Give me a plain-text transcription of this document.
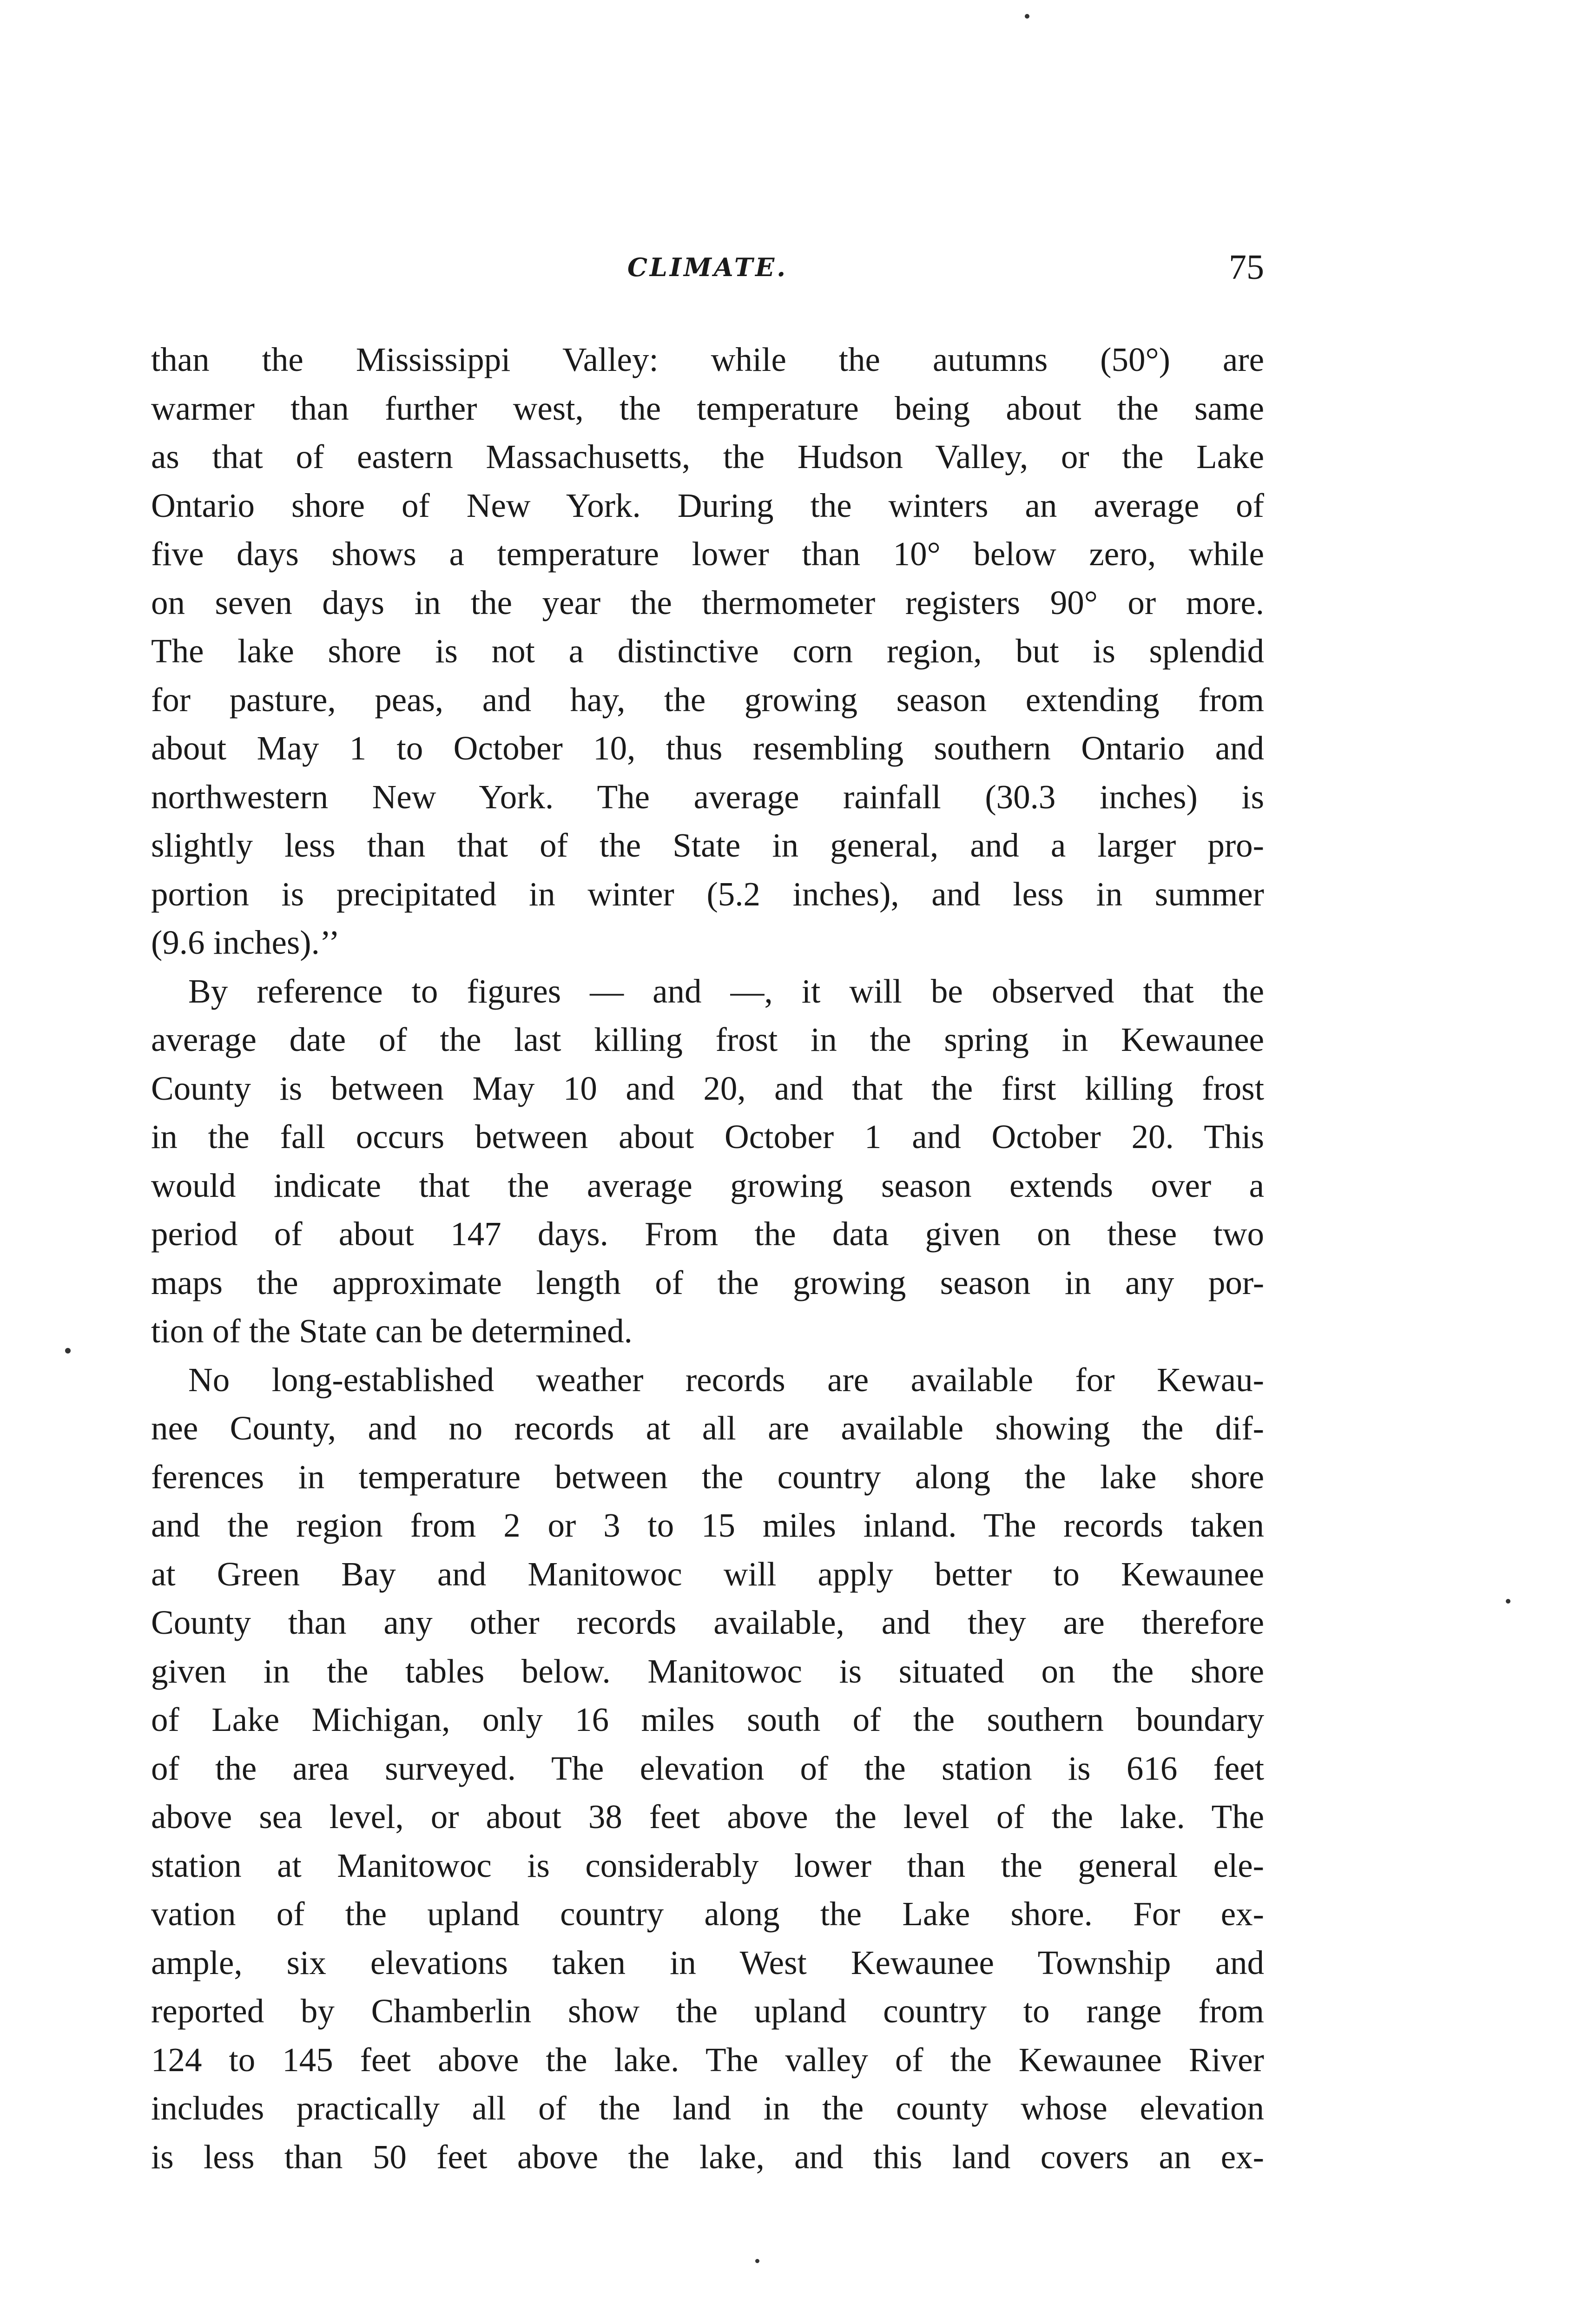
CLIMATE.	75
than the Mississippi Valley: while the autumns (50°) are
warmer than further west, the temperature being about the same
as that of eastern Massachusetts, the Hudson Valley, or the Lake
Ontario shore of New York. During the winters an average of
five days shows a temperature lower than 10° below zero, while
on seven days in the year the thermometer registers 90° or more.
The lake shore is not a distinctive corn region, but is splendid
for pasture, peas, and hay, the growing season extending from
about May 1 to October 10, thus resembling southern Ontario and
northwestern New York. The average rainfall (30.3 inches) is
slightly less than that of the State in general, and a larger pro-
portion is precipitated in winter (5.2 inches), and less in summer
(9.6 inches).’’
By reference to figures — and —, it will be observed that the
average date of the last killing frost in the spring in Kewaunee
County is between May 10 and 20, and that the first killing frost
in the fall occurs between about October 1 and October 20. This
would indicate that the average growing season extends over a
period of about 147 days. From the data given on these two
maps the approximate length of the growing season in any por-
tion of the State can be determined.
No long-established weather records are available for Kewau-
nee County, and no records at all are available showing the dif-
ferences in temperature between the country along the lake shore
and the region from 2 or 3 to 15 miles inland. The records taken
at Green Bay and Manitowoc will apply better to Kewaunee
County than any other records available, and they are therefore
given in the tables below. Manitowoc is situated on the shore
of Lake Michigan, only 16 miles south of the southern boundary
of the area surveyed. The elevation of the station is 616 feet
above sea level, or about 38 feet above the level of the lake. The
station at Manitowoc is considerably lower than the general ele-
vation of the upland country along the Lake shore. For ex-
ample, six elevations taken in West Kewaunee Township and
reported by Chamberlin show the upland country to range from
124 to 145 feet above the lake. The valley of the Kewaunee River
includes practically all of the land in the county whose elevation
is less than 50 feet above the lake, and this land covers an ex-
